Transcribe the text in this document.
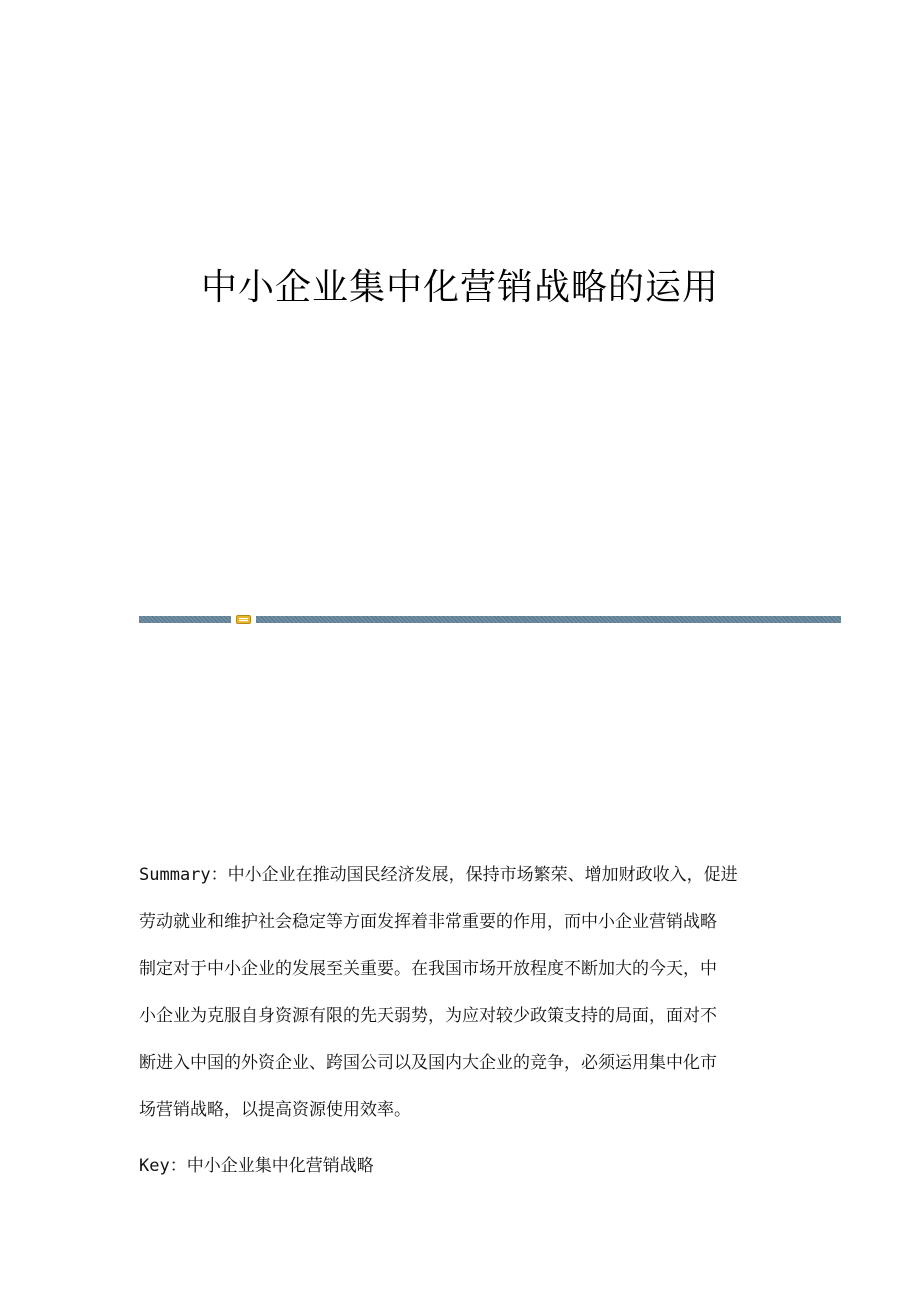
中小企业集中化营销战略的运用
Summary：中小企业在推动国民经济发展，保持市场繁荣、增加财政收入，促进
劳动就业和维护社会稳定等方面发挥着非常重要的作用，而中小企业营销战略
制定对于中小企业的发展至关重要。在我国市场开放程度不断加大的今天，中
小企业为克服自身资源有限的先天弱势，为应对较少政策支持的局面，面对不
断进入中国的外资企业、跨国公司以及国内大企业的竞争，必须运用集中化市
场营销战略，以提高资源使用效率。

Key：中小企业集中化营销战略
